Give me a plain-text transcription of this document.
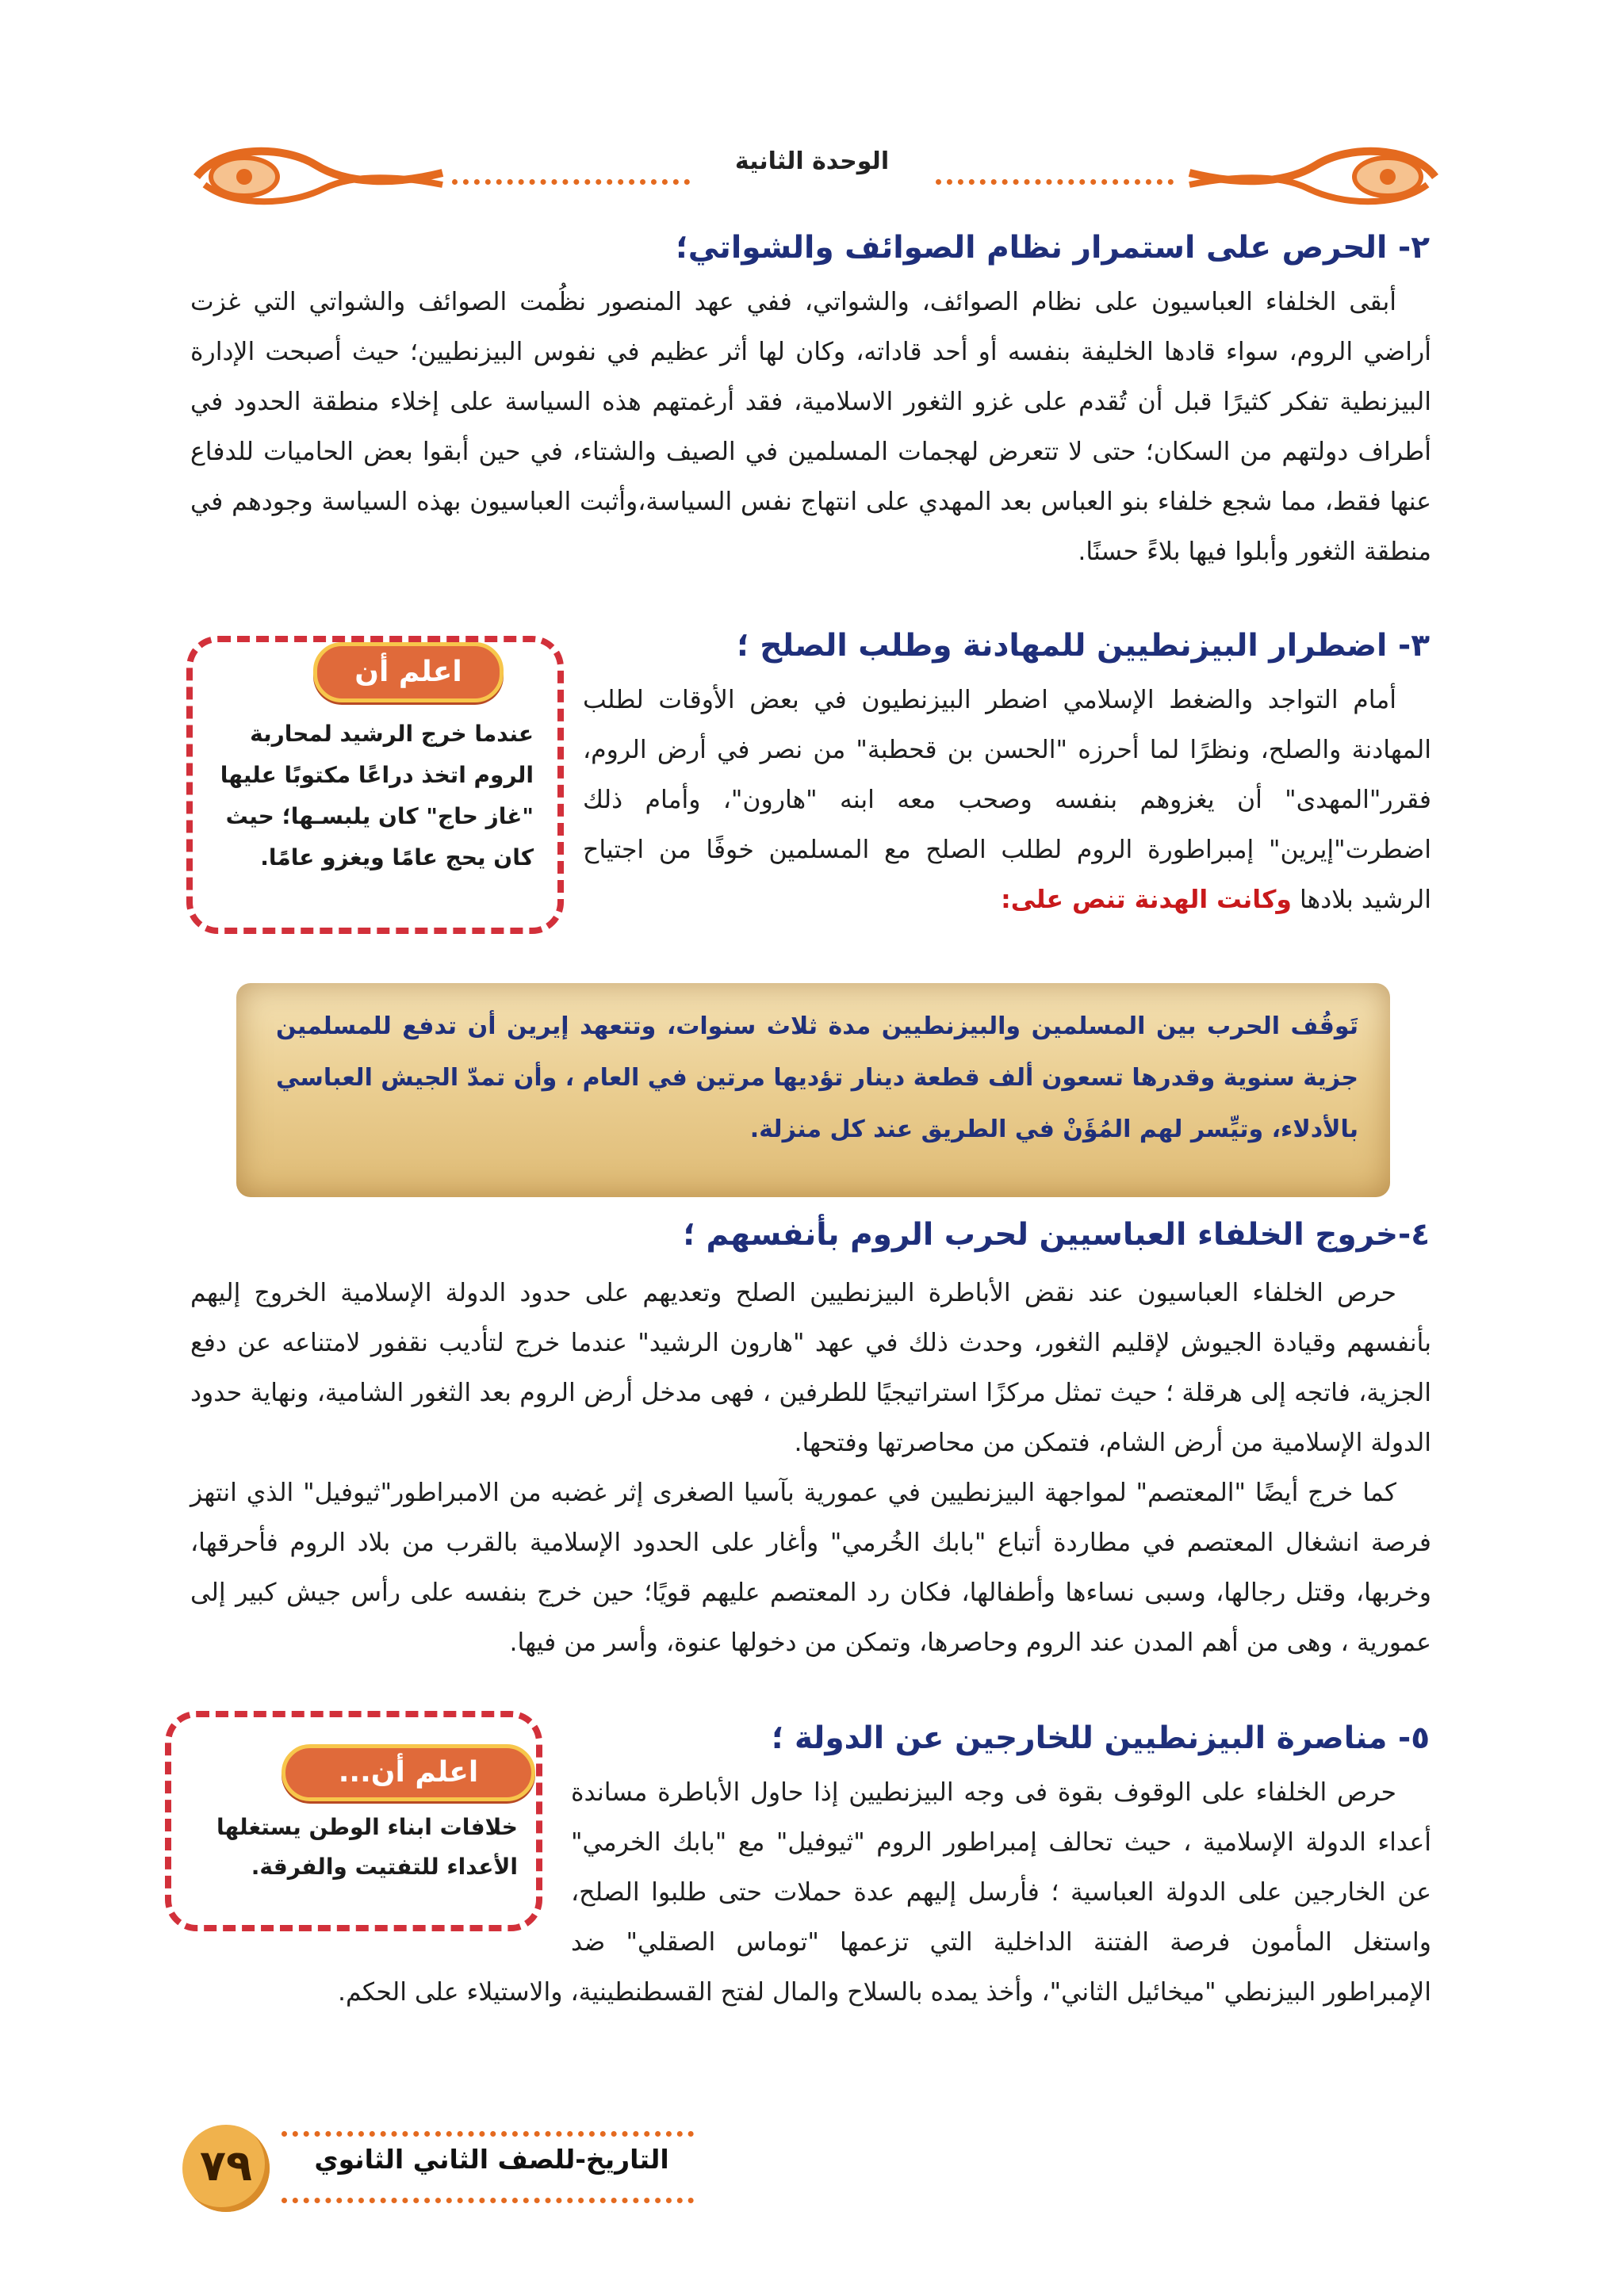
الوحدة الثانية
٢- الحرص على استمرار نظام الصوائف والشواتي؛
أبقى الخلفاء العباسيون على نظام الصوائف، والشواتي، ففي عهد المنصور نظُمت الصوائف والشواتي التي غزت أراضي الروم، سواء قادها الخليفة بنفسه أو أحد قاداته، وكان لها أثر عظيم في نفوس البيزنطيين؛ حيث أصبحت الإدارة البيزنطية تفكر كثيرًا قبل أن تُقدم على غزو الثغور الاسلامية، فقد أرغمتهم هذه السياسة على إخلاء منطقة الحدود في أطراف دولتهم من السكان؛ حتى لا تتعرض لهجمات المسلمين في الصيف والشتاء، في حين أبقوا بعض الحاميات للدفاع عنها فقط، مما شجع خلفاء بنو العباس بعد المهدي على انتهاج نفس السياسة،وأثبت العباسيون بهذه السياسة وجودهم في منطقة الثغور وأبلوا فيها بلاءً حسنًا.
٣- اضطرار البيزنطيين للمهادنة وطلب الصلح ؛
اعلم أن
عندما خرج الرشيد لمحاربة الروم اتخذ دراعًا مكتوبًا عليها "غاز حاج" كان يلبسـها؛ حيث كان يحج عامًا ويغزو عامًا.
أمام التواجد والضغط الإسلامي اضطر البيزنطيون في بعض الأوقات لطلب المهادنة والصلح، ونظرًا لما أحرزه "الحسن بن قحطبة" من نصر في أرض الروم، فقرر"المهدى" أن يغزوهم بنفسه وصحب معه ابنه "هارون"، وأمام ذلك اضطرت"إيرين" إمبراطورة الروم لطلب الصلح مع المسلمين خوفًا من اجتياح الرشيد بلادها وكانت الهدنة تنص على:
تَوقُف الحرب بين المسلمين والبيزنطيين مدة ثلاث سنوات، وتتعهد إيرين أن تدفع للمسلمين جزية سنوية وقدرها تسعون ألف قطعة دينار تؤديها مرتين في العام ، وأن تمدّ الجيش العباسي بالأدلاء، وتيِّسر لهم المُؤَنْ في الطريق عند كل منزلة.
٤-خروج الخلفاء العباسيين لحرب الروم بأنفسهم ؛
حرص الخلفاء العباسيون عند نقض الأباطرة البيزنطيين الصلح وتعديهم على حدود الدولة الإسلامية الخروج إليهم بأنفسهم وقيادة الجيوش لإقليم الثغور، وحدث ذلك في عهد "هارون الرشيد" عندما خرج لتأديب نقفور لامتناعه عن دفع الجزية، فاتجه إلى هرقلة ؛ حيث تمثل مركزًا استراتيجيًا للطرفين ، فهى مدخل أرض الروم بعد الثغور الشامية، ونهاية حدود الدولة الإسلامية من أرض الشام، فتمكن من محاصرتها وفتحها.
كما خرج أيضًا "المعتصم" لمواجهة البيزنطيين في عمورية بآسيا الصغرى إثر غضبه من الامبراطور"ثيوفيل" الذي انتهز فرصة انشغال المعتصم في مطاردة أتباع "بابك الخُرمي" وأغار على الحدود الإسلامية بالقرب من بلاد الروم فأحرقها، وخربها، وقتل رجالها، وسبى نساءها وأطفالها، فكان رد المعتصم عليهم قويًا؛ حين خرج بنفسه على رأس جيش كبير إلى عمورية ، وهى من أهم المدن عند الروم وحاصرها، وتمكن من دخولها عنوة، وأسر من فيها.
٥- مناصرة البيزنطيين للخارجين عن الدولة ؛
اعلم أن...
خلافات ابناء الوطن يستغلها الأعداء للتفتيت والفرقة.
حرص الخلفاء على الوقوف بقوة فى وجه البيزنطيين إذا حاول الأباطرة مساندة أعداء الدولة الإسلامية ، حيث تحالف إمبراطور الروم "ثيوفيل" مع "بابك الخرمي" عن الخارجين على الدولة العباسية ؛ فأرسل إليهم عدة حملات حتى طلبوا الصلح، واستغل المأمون فرصة الفتنة الداخلية التي تزعمها "توماس الصقلي" ضد الإمبراطور البيزنطي "ميخائيل الثاني"، وأخذ يمده بالسلاح والمال لفتح القسطنطينية، والاستيلاء على الحكم.
٧٩	التاريخ-للصف الثاني الثانوي
